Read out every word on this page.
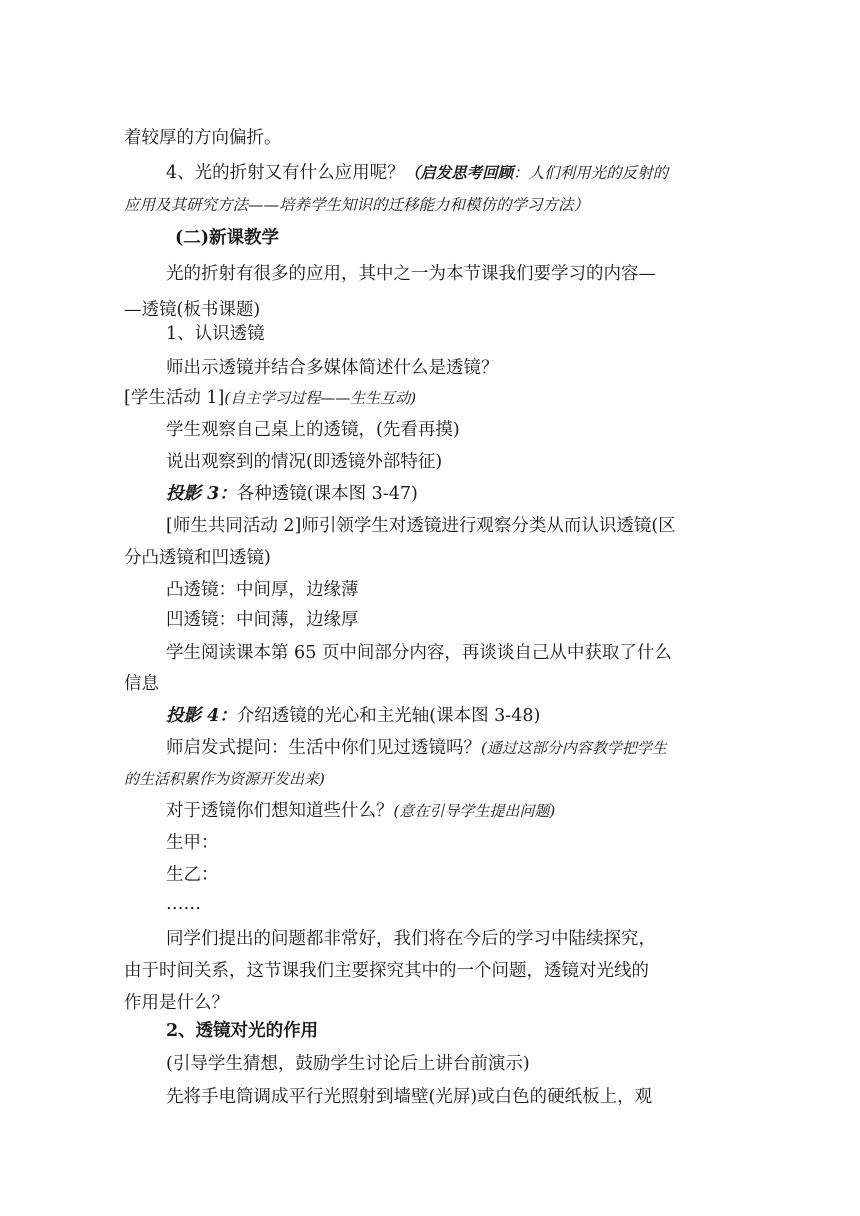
着较厚的方向偏折。
4、光的折射又有什么应用呢？（启发思考回顾：人们利用光的反射的
应用及其研究方法——培养学生知识的迁移能力和模仿的学习方法）
(二)新课教学
光的折射有很多的应用，其中之一为本节课我们要学习的内容—
—透镜(板书课题)
1、认识透镜
师出示透镜并结合多媒体简述什么是透镜？
[学生活动 1](自主学习过程——生生互动)
学生观察自己桌上的透镜，(先看再摸)
说出观察到的情况(即透镜外部特征)
投影 3：各种透镜(课本图 3-47)
[师生共同活动 2]师引领学生对透镜进行观察分类从而认识透镜(区
分凸透镜和凹透镜)
凸透镜：中间厚，边缘薄
凹透镜：中间薄，边缘厚
学生阅读课本第 65 页中间部分内容，再谈谈自己从中获取了什么
信息
投影 4：介绍透镜的光心和主光轴(课本图 3-48)
师启发式提问：生活中你们见过透镜吗？(通过这部分内容教学把学生
的生活积累作为资源开发出来)
对于透镜你们想知道些什么？(意在引导学生提出问题)
生甲：
生乙：
……
同学们提出的问题都非常好，我们将在今后的学习中陆续探究，
由于时间关系，这节课我们主要探究其中的一个问题，透镜对光线的
作用是什么？
2、透镜对光的作用
(引导学生猜想，鼓励学生讨论后上讲台前演示)
先将手电筒调成平行光照射到墙壁(光屏)或白色的硬纸板上，观
